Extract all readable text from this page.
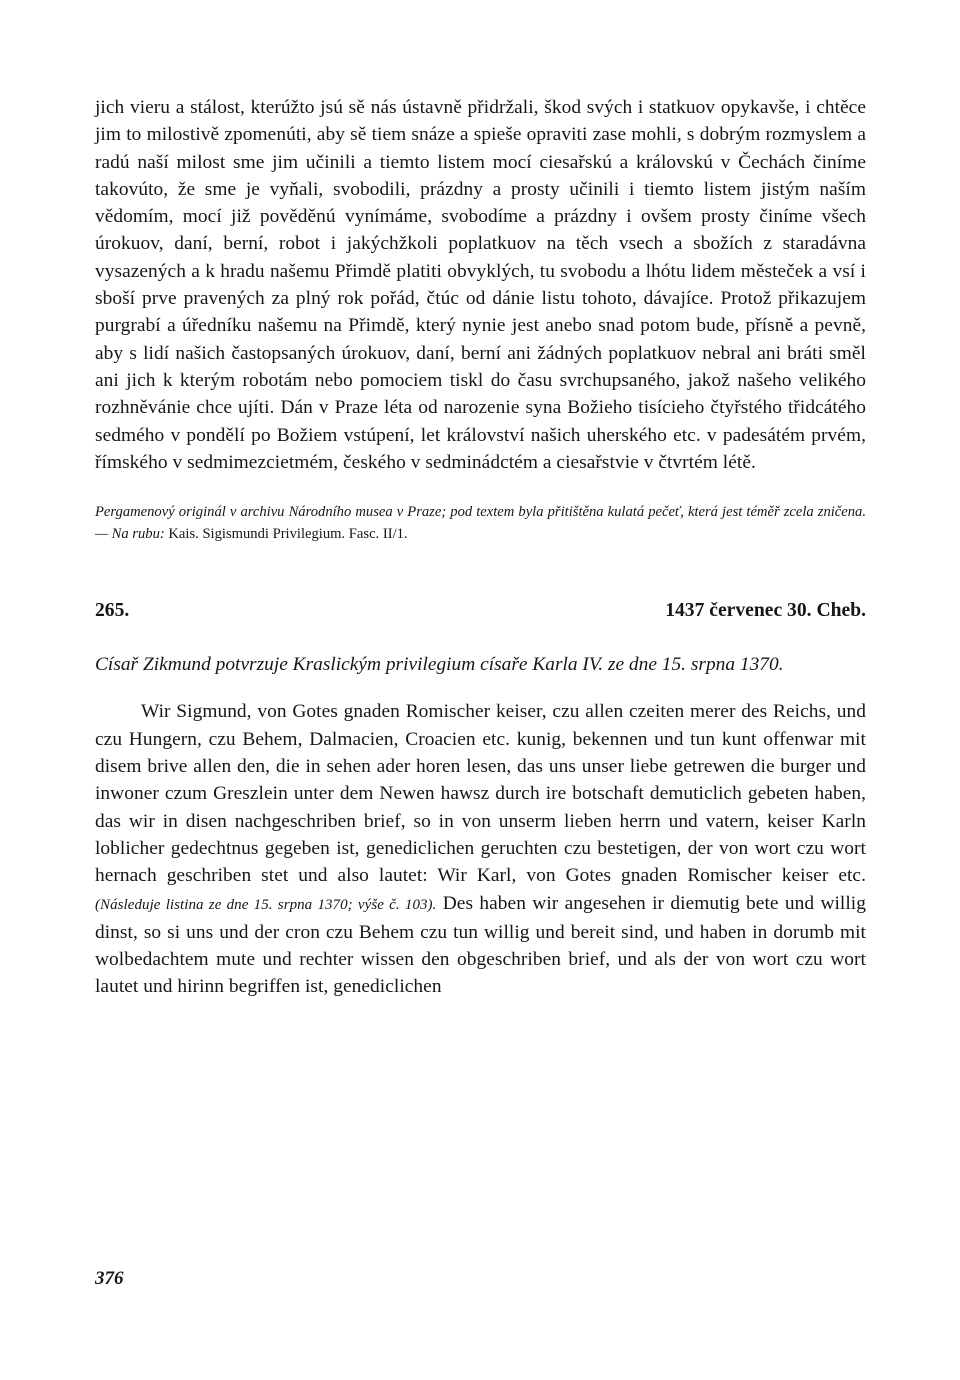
jich vieru a stálost, kterúžto jsú sě nás ústavně přidržali, škod svých i statkuov opykavše, i chtěce jim to milostivě zpomenúti, aby sě tiem snáze a spieše opraviti zase mohli, s dobrým rozmyslem a radú naší milost sme jim učinili a tiemto listem mocí ciesařskú a královskú v Čechách činíme takovúto, že sme je vyňali, svobodili, prázdny a prosty učinili i tiemto listem jistým naším vědomím, mocí již pověděnú vynímáme, svobodíme a prázdny i ovšem prosty činíme všech úrokuov, daní, berní, robot i jakýchžkoli poplatkuov na těch vsech a sbožích z staradávna vysazených a k hradu našemu Přimdě platiti obvyklých, tu svobodu a lhótu lidem městeček a vsí i sboší prve pravených za plný rok pořád, čtúc od dánie listu tohoto, dávajíce. Protož přikazujem purgrabí a úředníku našemu na Přimdě, který nynie jest anebo snad potom bude, přísně a pevně, aby s lidí našich častopsaných úrokuov, daní, berní ani žádných poplatkuov nebral ani bráti směl ani jich k kterým robotám nebo pomociem tiskl do času svrchupsaného, jakož našeho velikého rozhněvánie chce ujíti. Dán v Praze léta od narozenie syna Božieho tisícieho čtyřstého třidcátého sedmého v pondělí po Božiem vstúpení, let království našich uherského etc. v padesátém prvém, římského v sedmimezcietmém, českého v sedminádctém a ciesařstvie v čtvrtém létě.

Pergamenový originál v archivu Národního musea v Praze; pod textem byla přitištěna kulatá pečeť, která jest téměř zcela zničena. — Na rubu: Kais. Sigismundi Privilegium. Fasc. II/1.
265.	1437 červenec 30. Cheb.
Císař Zikmund potvrzuje Kraslickým privilegium císaře Karla IV. ze dne 15. srpna 1370.

Wir Sigmund, von Gotes gnaden Romischer keiser, czu allen czeiten merer des Reichs, und czu Hungern, czu Behem, Dalmacien, Croacien etc. kunig, bekennen und tun kunt offenwar mit disem brive allen den, die in sehen ader horen lesen, das uns unser liebe getrewen die burger und inwoner czum Greszlein unter dem Newen hawsz durch ire botschaft demuticlich gebeten haben, das wir in disen nachgeschriben brief, so in von unserm lieben herrn und vatern, keiser Karln loblicher gedechtnus gegeben ist, genediclichen geruchten czu bestetigen, der von wort czu wort hernach geschriben stet und also lautet: Wir Karl, von Gotes gnaden Romischer keiser etc. (Následuje listina ze dne 15. srpna 1370; výše č. 103). Des haben wir angesehen ir diemutig bete und willig dinst, so si uns und der cron czu Behem czu tun willig und bereit sind, und haben in dorumb mit wolbedachtem mute und rechter wissen den obgeschriben brief, und als der von wort czu wort lautet und hirinn begriffen ist, genediclichen

376
